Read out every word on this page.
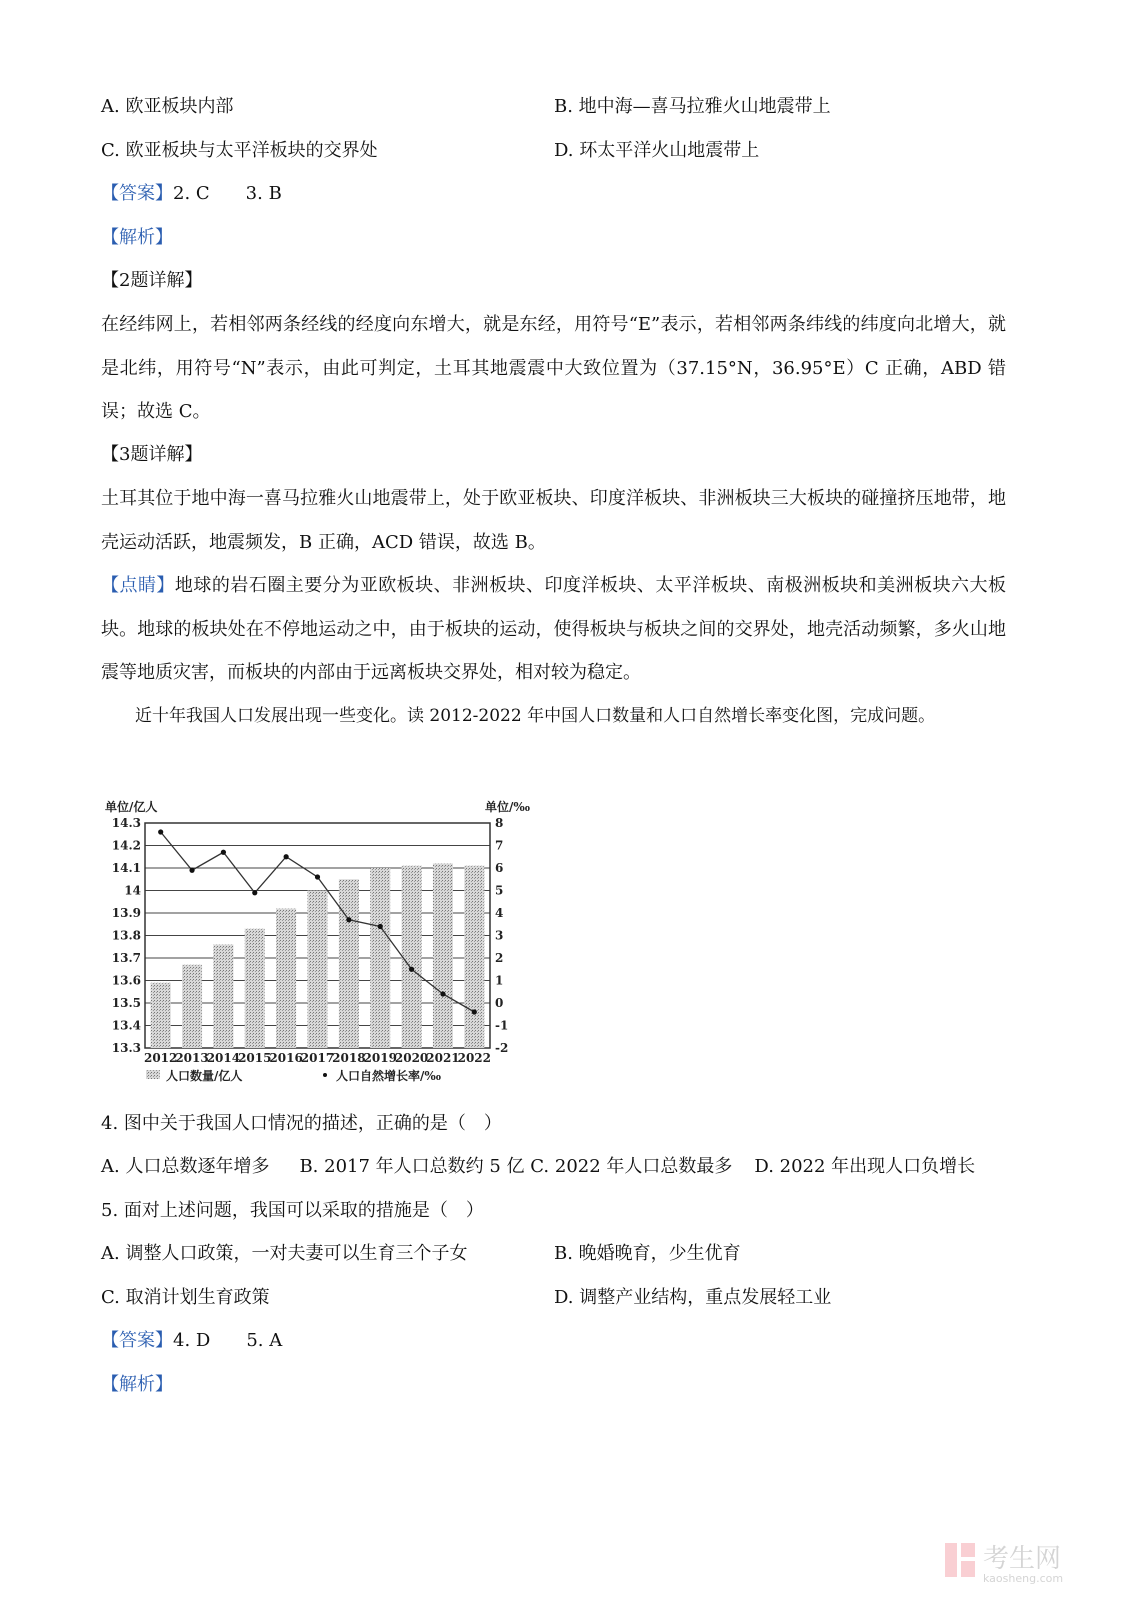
A. 欧亚板块内部	B. 地中海—喜马拉雅火山地震带上
C. 欧亚板块与太平洋板块的交界处	D. 环太平洋火山地震带上
【答案】2. C　　3. B
【解析】
【2题详解】
在经纬网上，若相邻两条经线的经度向东增大，就是东经，用符号“E”表示，若相邻两条纬线的纬度向北增大，就是北纬，用符号“N”表示，由此可判定，土耳其地震震中大致位置为（37.15°N，36.95°E）C 正确，ABD 错误；故选 C。
【3题详解】
土耳其位于地中海一喜马拉雅火山地震带上，处于欧亚板块、印度洋板块、非洲板块三大板块的碰撞挤压地带，地壳运动活跃，地震频发，B 正确，ACD 错误，故选 B。
【点睛】地球的岩石圈主要分为亚欧板块、非洲板块、印度洋板块、太平洋板块、南极洲板块和美洲板块六大板块。地球的板块处在不停地运动之中，由于板块的运动，使得板块与板块之间的交界处，地壳活动频繁，多火山地震等地质灾害，而板块的内部由于远离板块交界处，相对较为稳定。
近十年我国人口发展出现一些变化。读 2012-2022 年中国人口数量和人口自然增长率变化图，完成问题。
13.3
13.4
13.5
13.6
13.7
13.8
13.9
14
14.1
14.2
14.3
-2
-1
0
1
2
3
4
5
6
7
8
单位/亿人	单位/‰
2012
2013
2014
2015
2016
2017
2018
2019
2020
2021
2022
人口数量/亿人	人口自然增长率/‰
4. 图中关于我国人口情况的描述，正确的是（　）
A. 人口总数逐年增多 B. 2017 年人口总数约 5 亿 C. 2022 年人口总数最多 D. 2022 年出现人口负增长
5. 面对上述问题，我国可以采取的措施是（　）
A. 调整人口政策，一对夫妻可以生育三个子女	B. 晚婚晚育，少生优育
C. 取消计划生育政策	D. 调整产业结构，重点发展轻工业
【答案】4. D　　5. A
【解析】
考生网
kaosheng.com
